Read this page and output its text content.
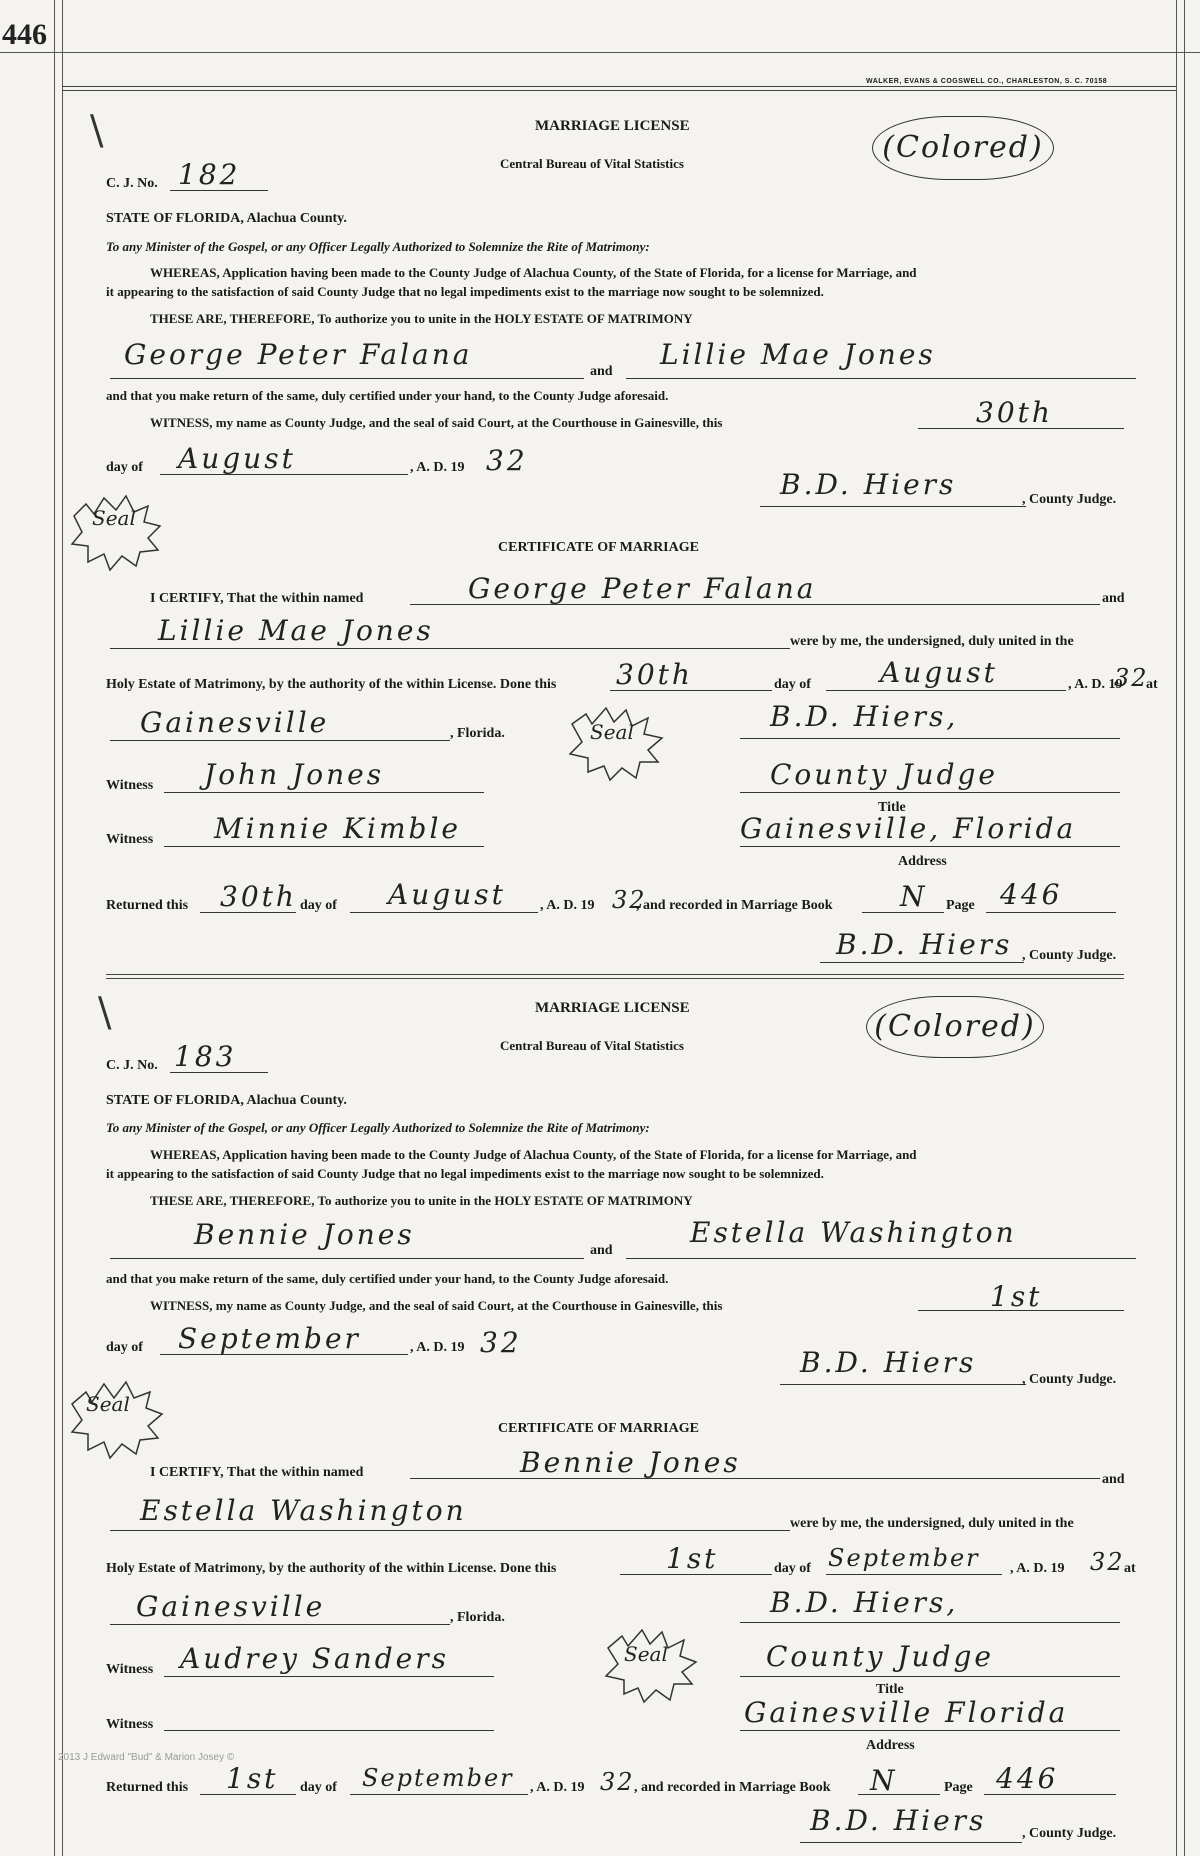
446
WALKER, EVANS & COGSWELL CO., CHARLESTON, S. C. 70158
\	MARRIAGE LICENSE
Central Bureau of Vital Statistics	(Colored)
C. J. No. 182
STATE OF FLORIDA, Alachua County.
To any Minister of the Gospel, or any Officer Legally Authorized to Solemnize the Rite of Matrimony:
WHEREAS, Application having been made to the County Judge of Alachua County, of the State of Florida, for a license for Marriage, and
it appearing to the satisfaction of said County Judge that no legal impediments exist to the marriage now sought to be solemnized.
THESE ARE, THEREFORE, To authorize you to unite in the HOLY ESTATE OF MATRIMONY
George Peter Falana
and
Lillie Mae Jones
and that you make return of the same, duly certified under your hand, to the County Judge aforesaid.
WITNESS, my name as County Judge, and the seal of said Court, at the Courthouse in Gainesville, this	30th
day of August	, A. D. 19 32
Seal
B.D. Hiers	, County Judge.
CERTIFICATE OF MARRIAGE
I CERTIFY, That the within named	George Peter Falana	and
Lillie Mae Jones	were by me, the undersigned, duly united in the
Holy Estate of Matrimony, by the authority of the within License. Done this 30th	day of August	, A. D. 19
32
at
Gainesville	, Florida.	Seal	B.D. Hiers,
Witness John Jones	County Judge
Title
Witness Minnie Kimble	Gainesville, Florida
Address
Returned this 30th day of August , A. D. 19 32
, and recorded in Marriage Book N Page 446
B.D. Hiers , County Judge.
\	MARRIAGE LICENSE
Central Bureau of Vital Statistics
(Colored)
C. J. No. 183
STATE OF FLORIDA, Alachua County.
To any Minister of the Gospel, or any Officer Legally Authorized to Solemnize the Rite of Matrimony:
WHEREAS, Application having been made to the County Judge of Alachua County, of the State of Florida, for a license for Marriage, and
it appearing to the satisfaction of said County Judge that no legal impediments exist to the marriage now sought to be solemnized.
THESE ARE, THEREFORE, To authorize you to unite in the HOLY ESTATE OF MATRIMONY
Bennie Jones	and
Estella Washington
and that you make return of the same, duly certified under your hand, to the County Judge aforesaid.
WITNESS, my name as County Judge, and the seal of said Court, at the Courthouse in Gainesville, this	1st
day of September	, A. D. 19 32
Seal
B.D. Hiers
, County Judge.
CERTIFICATE OF MARRIAGE
I CERTIFY, That the within named	Bennie Jones
and
Estella Washington	were by me, the undersigned, duly united in the
Holy Estate of Matrimony, by the authority of the within License. Done this	1st	day of September , A. D. 19 32 at
Gainesville	, Florida.
Seal
B.D. Hiers,
Witness Audrey Sanders	County Judge
Title
Witness	Gainesville Florida
Address
2013 J Edward "Bud" & Marion Josey ©
Returned this 1st day of September , A. D. 19 32 , and recorded in Marriage Book N	Page 446
B.D. Hiers	, County Judge.
